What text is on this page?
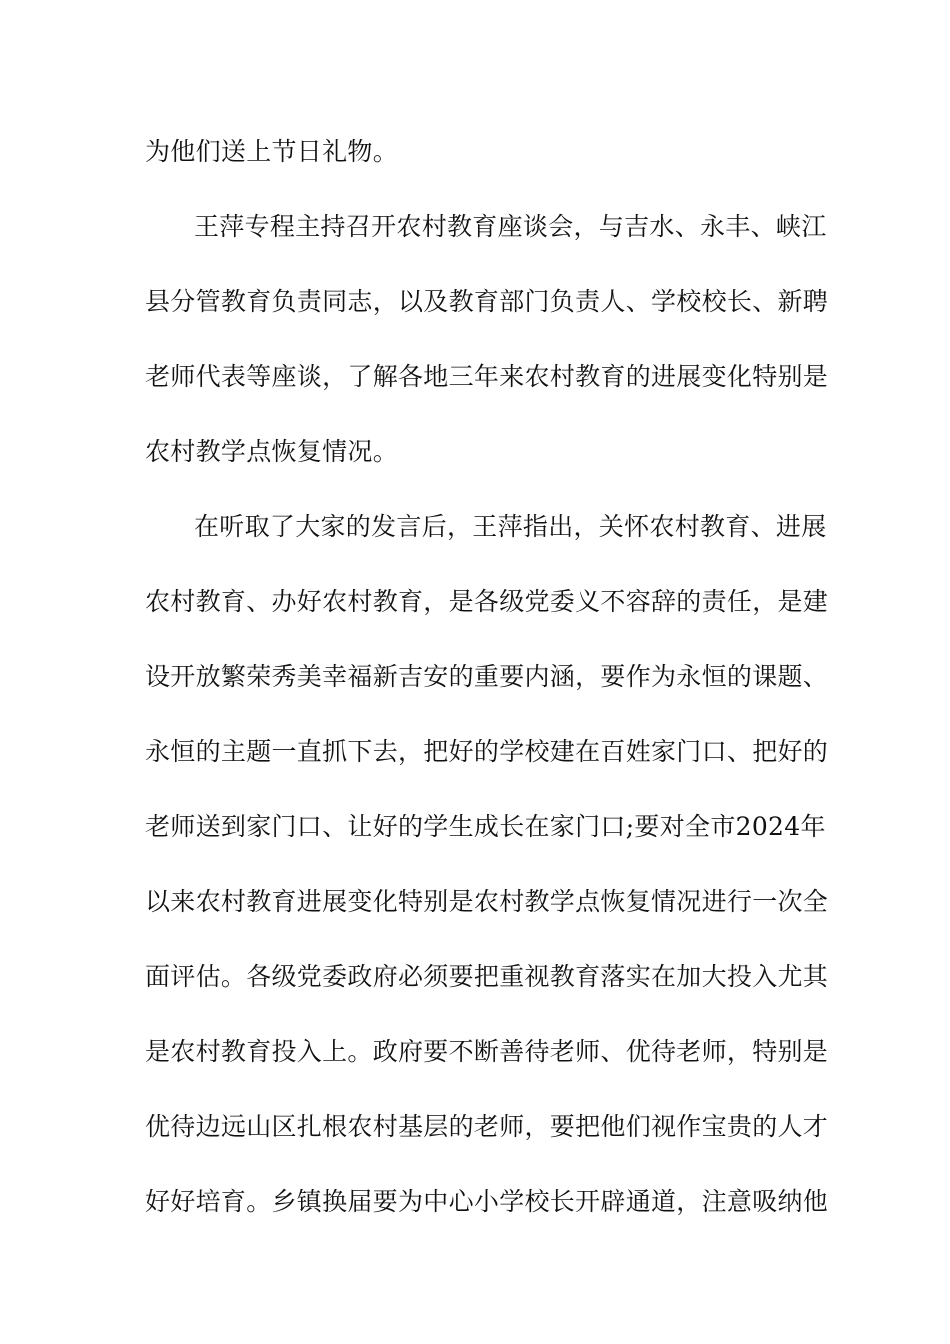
为他们送上节日礼物。
王萍专程主持召开农村教育座谈会，与吉水、永丰、峡江
县分管教育负责同志，以及教育部门负责人、学校校长、新聘
老师代表等座谈，了解各地三年来农村教育的进展变化特别是
农村教学点恢复情况。
在听取了大家的发言后，王萍指出，关怀农村教育、进展
农村教育、办好农村教育，是各级党委义不容辞的责任，是建
设开放繁荣秀美幸福新吉安的重要内涵，要作为永恒的课题、
永恒的主题一直抓下去，把好的学校建在百姓家门口、把好的
老师送到家门口、让好的学生成长在家门口;要对全市2024年
以来农村教育进展变化特别是农村教学点恢复情况进行一次全
面评估。各级党委政府必须要把重视教育落实在加大投入尤其
是农村教育投入上。政府要不断善待老师、优待老师，特别是
优待边远山区扎根农村基层的老师，要把他们视作宝贵的人才
好好培育。乡镇换届要为中心小学校长开辟通道，注意吸纳他
